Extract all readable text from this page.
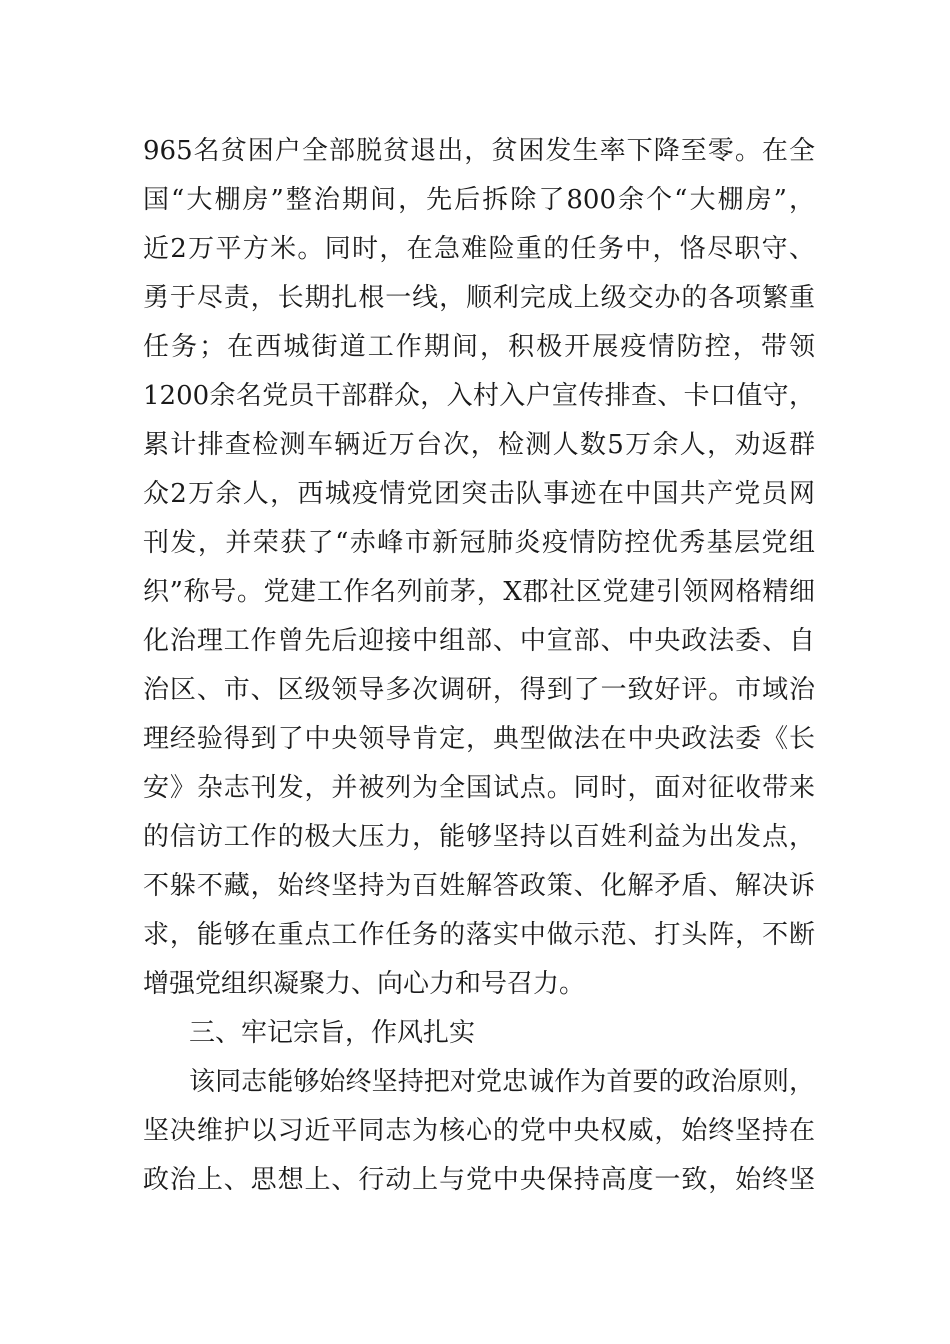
965名贫困户全部脱贫退出，贫困发生率下降至零。在全
国“大棚房”整治期间，先后拆除了800余个“大棚房”，
近2万平方米。同时，在急难险重的任务中，恪尽职守、
勇于尽责，长期扎根一线，顺利完成上级交办的各项繁重
任务；在西城街道工作期间，积极开展疫情防控，带领
1200余名党员干部群众，入村入户宣传排查、卡口值守，
累计排查检测车辆近万台次，检测人数5万余人，劝返群
众2万余人，西城疫情党团突击队事迹在中国共产党员网
刊发，并荣获了“赤峰市新冠肺炎疫情防控优秀基层党组
织”称号。党建工作名列前茅，X郡社区党建引领网格精细
化治理工作曾先后迎接中组部、中宣部、中央政法委、自
治区、市、区级领导多次调研，得到了一致好评。市域治
理经验得到了中央领导肯定，典型做法在中央政法委《长
安》杂志刊发，并被列为全国试点。同时，面对征收带来
的信访工作的极大压力，能够坚持以百姓利益为出发点，
不躲不藏，始终坚持为百姓解答政策、化解矛盾、解决诉
求，能够在重点工作任务的落实中做示范、打头阵，不断
增强党组织凝聚力、向心力和号召力。
三、牢记宗旨，作风扎实
该同志能够始终坚持把对党忠诚作为首要的政治原则，
坚决维护以习近平同志为核心的党中央权威，始终坚持在
政治上、思想上、行动上与党中央保持高度一致，始终坚
